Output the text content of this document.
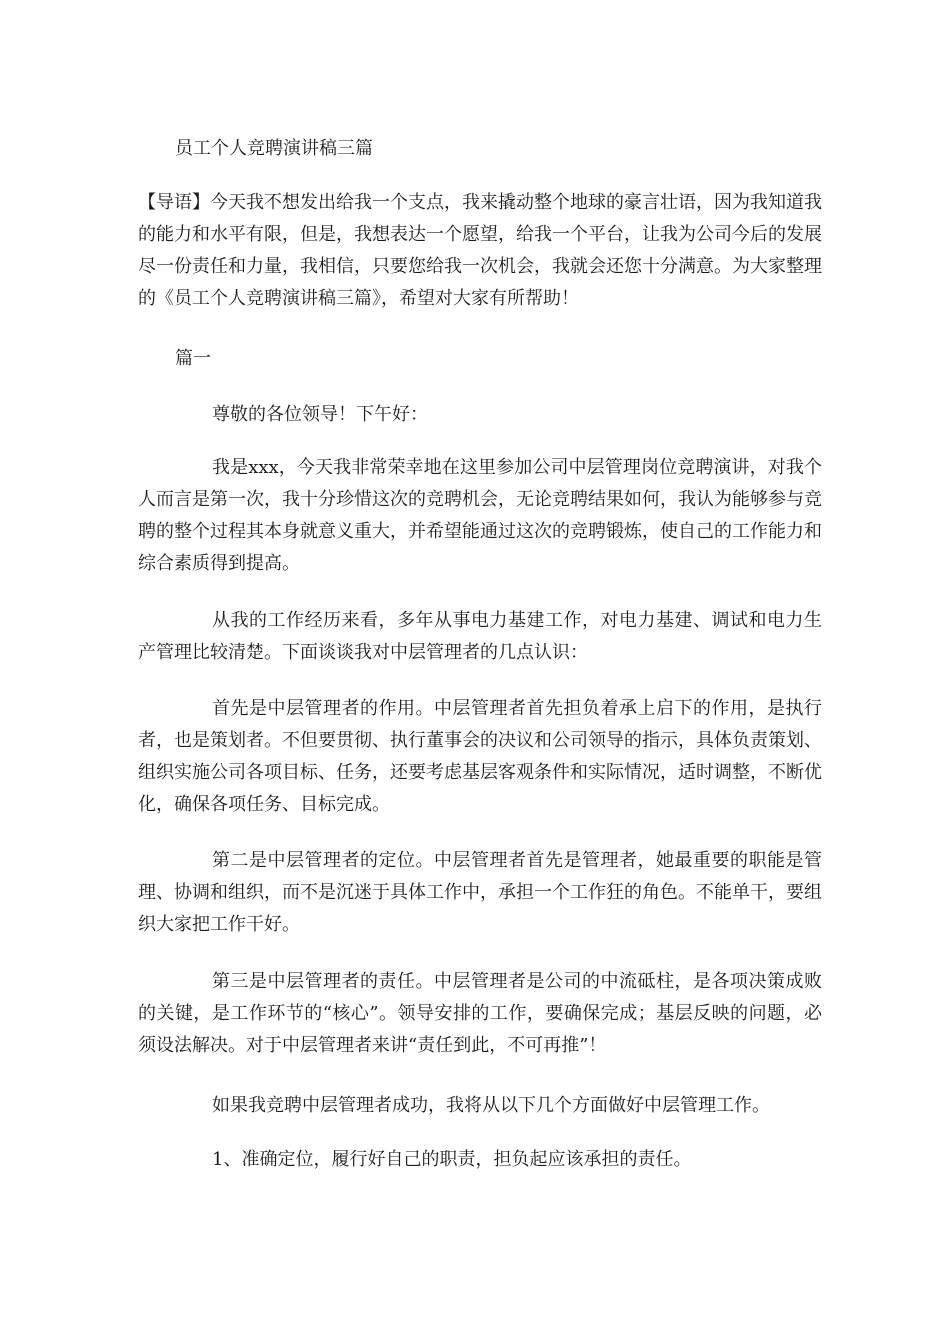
员工个人竞聘演讲稿三篇
【导语】今天我不想发出给我一个支点，我来撬动整个地球的豪言壮语，因为我知道我的能力和水平有限，但是，我想表达一个愿望，给我一个平台，让我为公司今后的发展尽一份责任和力量，我相信，只要您给我一次机会，我就会还您十分满意。为大家整理的《员工个人竞聘演讲稿三篇》，希望对大家有所帮助！
篇一
尊敬的各位领导！下午好：
我是xxx，今天我非常荣幸地在这里参加公司中层管理岗位竞聘演讲，对我个人而言是第一次，我十分珍惜这次的竞聘机会，无论竞聘结果如何，我认为能够参与竞聘的整个过程其本身就意义重大，并希望能通过这次的竞聘锻炼，使自己的工作能力和综合素质得到提高。
从我的工作经历来看，多年从事电力基建工作，对电力基建、调试和电力生产管理比较清楚。下面谈谈我对中层管理者的几点认识：
首先是中层管理者的作用。中层管理者首先担负着承上启下的作用，是执行者，也是策划者。不但要贯彻、执行董事会的决议和公司领导的指示，具体负责策划、组织实施公司各项目标、任务，还要考虑基层客观条件和实际情况，适时调整，不断优化，确保各项任务、目标完成。
第二是中层管理者的定位。中层管理者首先是管理者，她最重要的职能是管理、协调和组织，而不是沉迷于具体工作中，承担一个工作狂的角色。不能单干，要组织大家把工作干好。
第三是中层管理者的责任。中层管理者是公司的中流砥柱，是各项决策成败的关键，是工作环节的“核心”。领导安排的工作，要确保完成；基层反映的问题，必须设法解决。对于中层管理者来讲“责任到此，不可再推”！
如果我竞聘中层管理者成功，我将从以下几个方面做好中层管理工作。
1、准确定位，履行好自己的职责，担负起应该承担的责任。
